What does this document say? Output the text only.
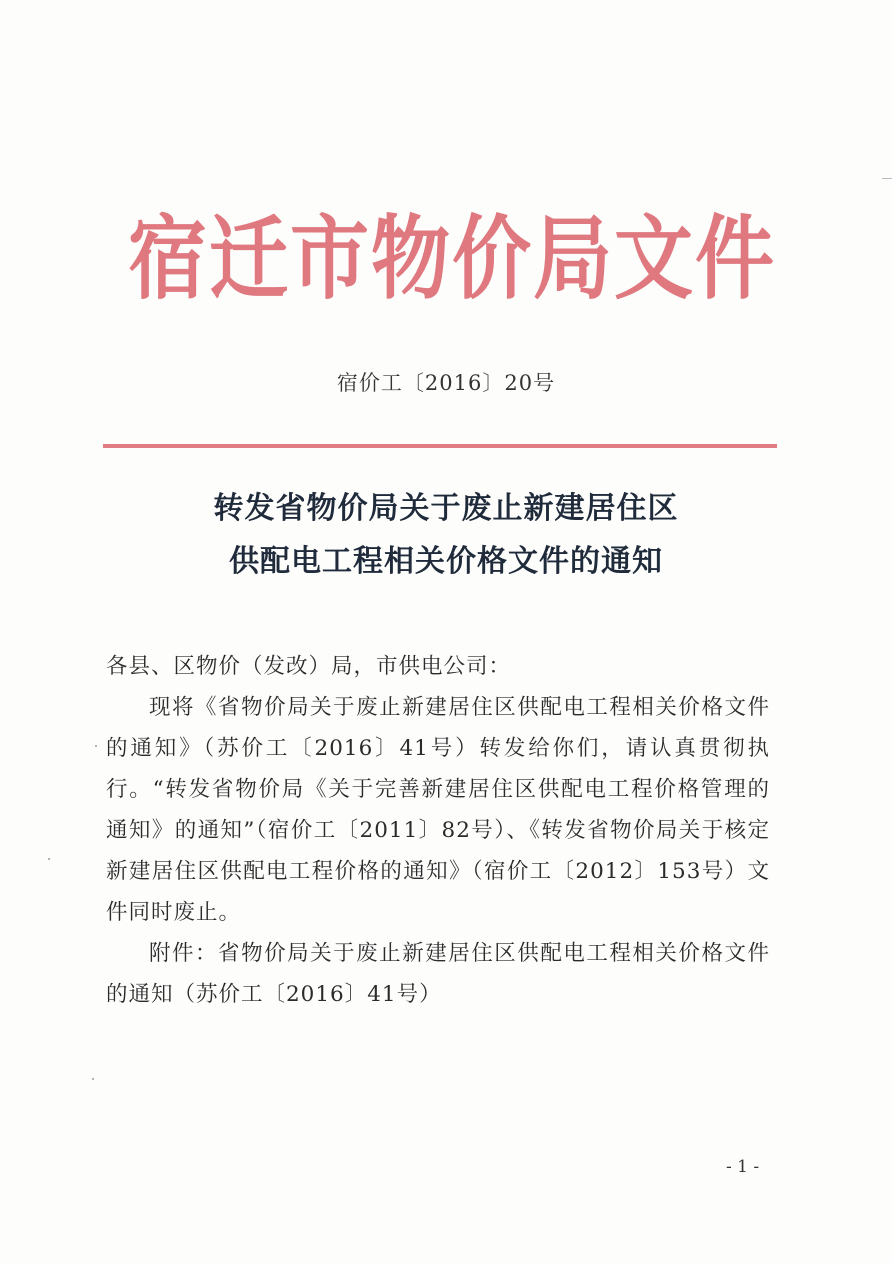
宿迁市物价局文件
宿价工〔2016〕20号
转发省物价局关于废止新建居住区
供配电工程相关价格文件的通知

各县、区物价（发改）局，市供电公司：

现将《省物价局关于废止新建居住区供配电工程相关价格文件的通知》（苏价工〔2016〕41号）转发给你们，请认真贯彻执行。“转发省物价局《关于完善新建居住区供配电工程价格管理的通知》的通知”（宿价工〔2011〕82号）、《转发省物价局关于核定新建居住区供配电工程价格的通知》（宿价工〔2012〕153号）文件同时废止。

附件：省物价局关于废止新建居住区供配电工程相关价格文件的通知（苏价工〔2016〕41号）

- 1 -
